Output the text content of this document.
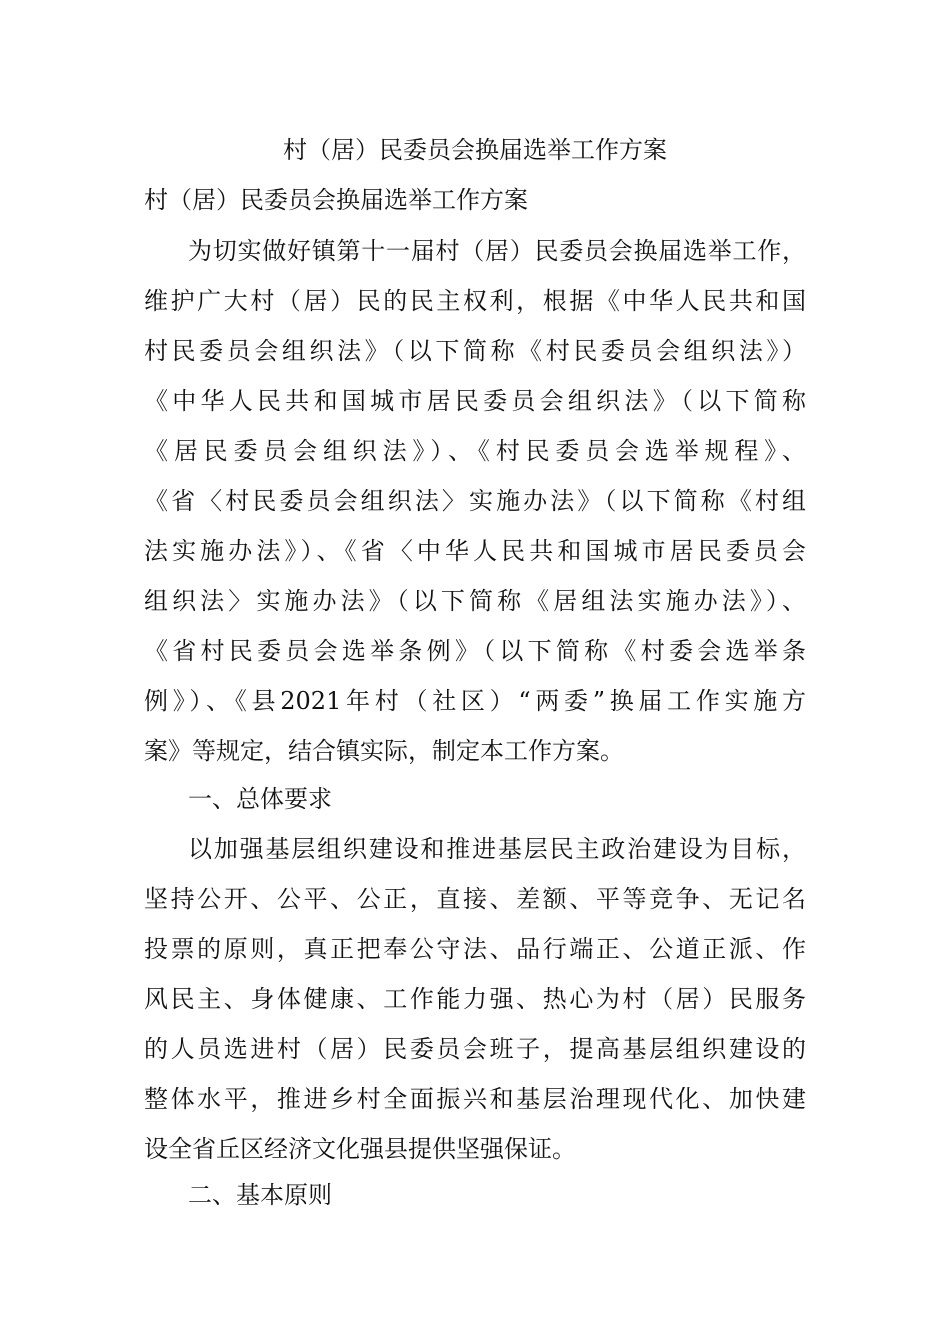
村（居）民委员会换届选举工作方案
村（居）民委员会换届选举工作方案
为切实做好镇第十一届村（居）民委员会换届选举工作，
维护广大村（居）民的民主权利，根据《中华人民共和国
村民委员会组织法》（以下简称《村民委员会组织法》）
《中华人民共和国城市居民委员会组织法》（以下简称
《居民委员会组织法》）、《村民委员会选举规程》、
《省〈村民委员会组织法〉实施办法》（以下简称《村组
法实施办法》）、《省〈中华人民共和国城市居民委员会
组织法〉实施办法》（以下简称《居组法实施办法》）、
《省村民委员会选举条例》（以下简称《村委会选举条
例》）、《县2021年村（社区）“两委”换届工作实施方
案》等规定，结合镇实际，制定本工作方案。
一、总体要求
以加强基层组织建设和推进基层民主政治建设为目标，
坚持公开、公平、公正，直接、差额、平等竞争、无记名
投票的原则，真正把奉公守法、品行端正、公道正派、作
风民主、身体健康、工作能力强、热心为村（居）民服务
的人员选进村（居）民委员会班子，提高基层组织建设的
整体水平，推进乡村全面振兴和基层治理现代化、加快建
设全省丘区经济文化强县提供坚强保证。
二、基本原则
